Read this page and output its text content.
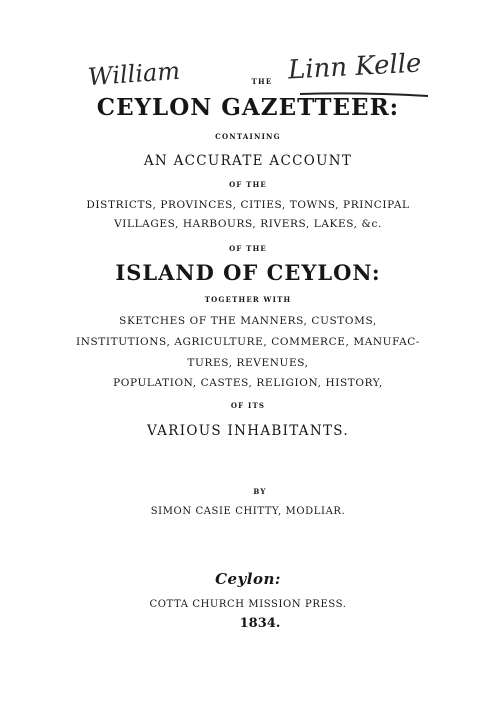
William	Linn Kelle
THE
CEYLON GAZETTEER:
CONTAINING
AN ACCURATE ACCOUNT
OF THE
DISTRICTS, PROVINCES, CITIES, TOWNS, PRINCIPAL
VILLAGES, HARBOURS, RIVERS, LAKES, &c.
OF THE
ISLAND OF CEYLON:
TOGETHER WITH
SKETCHES OF THE MANNERS, CUSTOMS,
INSTITUTIONS, AGRICULTURE, COMMERCE, MANUFAC-
TURES, REVENUES,
POPULATION, CASTES, RELIGION, HISTORY,
OF ITS
VARIOUS INHABITANTS.
BY
SIMON CASIE CHITTY, MODLIAR.
Ceylon:
COTTA CHURCH MISSION PRESS.
1834.
